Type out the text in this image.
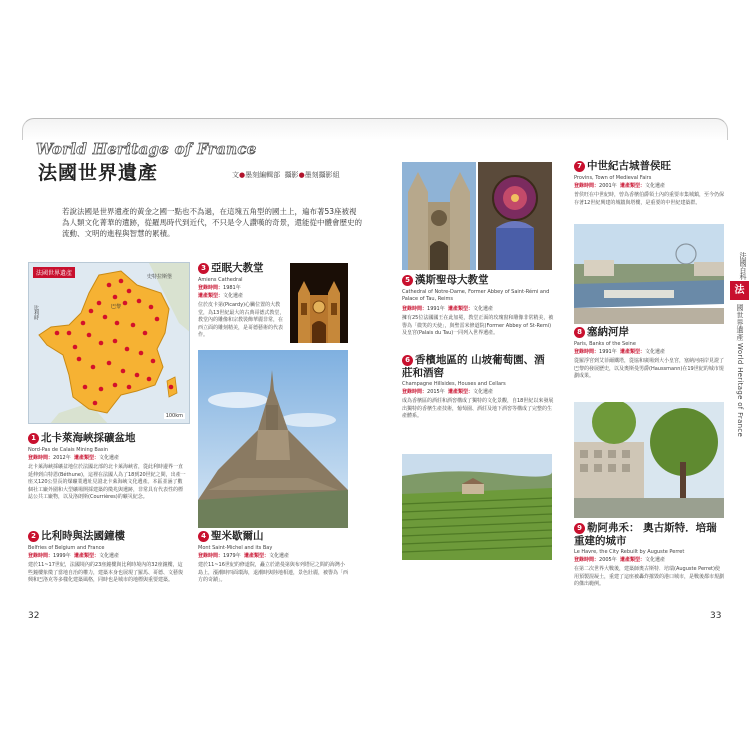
World Heritage of France
法國世界遺產	文●墨刻編輯部 攝影●墨刻攝影組
若說法國是世界遺產的黃金之國一點也不為過，在這塊五角型的國土上，遍布著53座被視為人類文化菁華的遺跡，從羅馬時代到近代，不只是令人讚嘆的奇景，還能從中體會歷史的流動、文明的進程與智慧的累積。
法國世界遺產
比利時	巴黎
史特拉斯堡
100km
1 北卡萊海峽採礦盆地
Nord-Pas de Calais Mining Basin
登錄時間：2012年 遺產類型：文化遺產
北卡萊海峽採礦盆地位於法國北部的北卡萊海峽省，從此利時邊界一直延伸到白特恩(Béthune)，這裡在法國人為了18到20世紀之間，出產一座又120公里長的煤礦業遺址見證北卡萊海峽文化遺產。本區並涵了數個社工廠外圍和大型礦場開採建築的徵兆與遺跡，非常具有代表性的標誌公共工廠物，以及洛朗斯(Courrières)的礦災紀念。
2 比利時與法國鐘樓
Belfries of Belgium and France
登錄時間：1999年 遺產類型：文化遺產
建於11~17世紀，法國境內的23座鐘樓與比利時境內的32座鐘樓，這些鐘樓象徵了當地自治的權力，建築本身也展現了羅馬、哥德、文藝復興和巴洛克等多樣化建築風格，同時也是城市的地標與重要建築。
3 亞眠大教堂
Amiens Cathedral
登錄時間：1981年
遺產類型：文化遺產
位於皮卡第(Picardy)心臟位置的大教堂，為13世紀最大的古典哥德式教堂，教堂內的雕像和宗教裝飾華麗非常，在西立面的雕刻精美，是哥德藝術的代表作。
4 聖米歇爾山
Mont Saint-Michel and its Bay
登錄時間：1979年 遺產類型：文化遺產
建於11~16世紀的修道院，矗立於諾曼第與布列塔尼之間的海灣小島上，漲潮時四面環海，退潮時與陸地相連，景色壯麗，被譽為「西方的奇蹟」。
5 漢斯聖母大教堂
Cathedral of Notre-Dame, Former Abbey of Saint-Rémi and Palace of Tau, Reims
登錄時間：1991年 遺產類型：文化遺產
擁有25位法國國王在此加冕，教堂正面的玫瑰窗和雕像非常精美，被譽為「微笑的天使」，與聖雷米修道院(Former Abbey of St-Remi)及皇宮(Palais du Tau)一同列入世界遺產。
6 香檳地區的 山坡葡萄園、酒莊和酒窖
Champagne Hillsides, Houses and Cellars
登錄時間：2015年 遺產類型：文化遺產
成為香檳區的酒莊和酒窖構成了獨特的文化景觀，自18世紀以來發展出獨特的香檳生產技術，葡萄園、酒莊及地下酒窖等構成了完整的生產體系。
7 中世紀古城普侯旺
Provins, Town of Medieval Fairs
登錄時間：2001年 遺產類型：文化遺產
普侯旺在中世紀時，曾為香檳伯爵領土內的重要市集城鎮，至今仍保存著12世紀興建的城牆與塔樓，是重要的中世紀建築群。
8 塞納河岸
Paris, Banks of the Seine
登錄時間：1991年 遺產類型：文化遺產
從羅浮宮到艾菲爾鐵塔，從協和廣場到大小皇宮，塞納河兩岸見證了巴黎的發展歷史，以及奧斯曼男爵(Haussmann)在19世紀的城市規劃成果。
9 勒阿弗禾： 奧古斯特．培瑞重建的城市
Le Havre, the City Rebuilt by Auguste Perret
登錄時間：2005年 遺產類型：文化遺產
在第二次世界大戰後，建築師奧古斯特．培瑞(Auguste Perret)使用預製混凝土，重建了這座被轟炸摧毀的港口城市，是戰後都市規劃的傑出範例。
32	33
法國百科
法
國世界遺產 World Heritage of France
